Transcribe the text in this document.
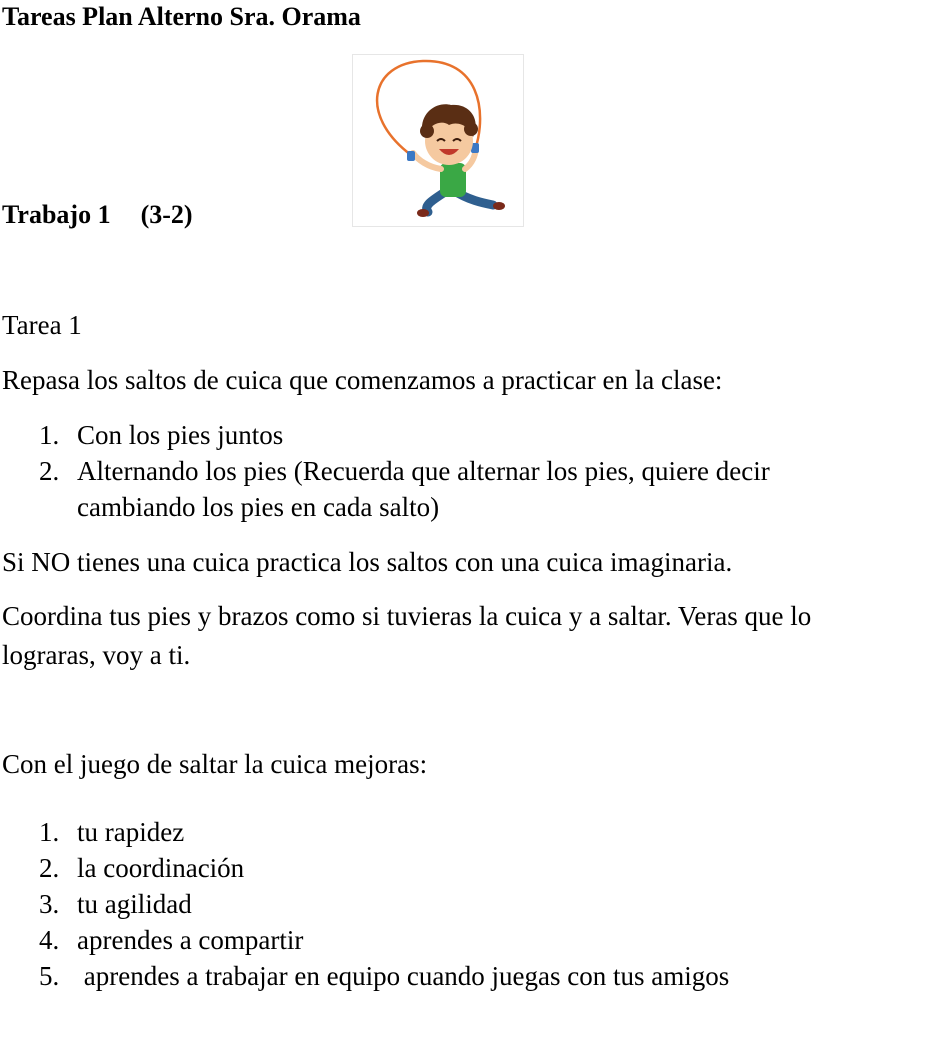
Tareas Plan Alterno Sra. Orama
Trabajo 1 (3-2)
Tarea 1
Repasa los saltos de cuica que comenzamos a practicar en la clase:
1. Con los pies juntos
2. Alternando los pies (Recuerda que alternar los pies, quiere decir
cambiando los pies en cada salto)
Si NO tienes una cuica practica los saltos con una cuica imaginaria.
Coordina tus pies y brazos como si tuvieras la cuica y a saltar. Veras que lo
lograras, voy a ti.
Con el juego de saltar la cuica mejoras:
1. tu rapidez
2. la coordinación
3. tu agilidad
4. aprendes a compartir
5. aprendes a trabajar en equipo cuando juegas con tus amigos
